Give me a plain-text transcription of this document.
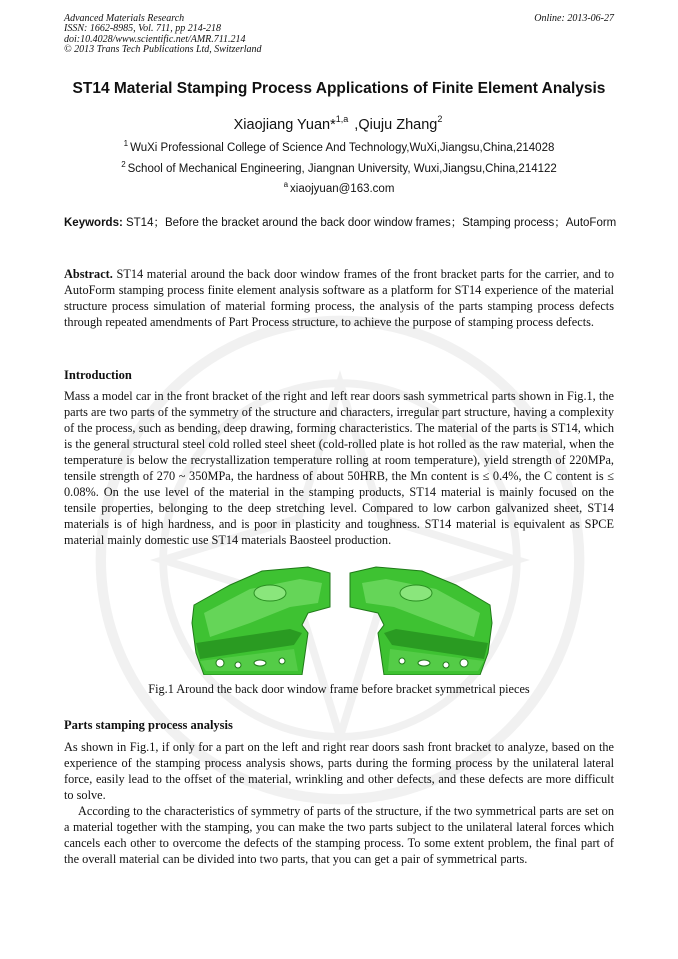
Advanced Materials Research
ISSN: 1662-8985, Vol. 711, pp 214-218
doi:10.4028/www.scientific.net/AMR.711.214
© 2013 Trans Tech Publications Ltd, Switzerland
Online: 2013-06-27
ST14 Material Stamping Process Applications of Finite Element Analysis
Xiaojiang Yuan*$^{1,a}$ ,Qiuju Zhang$^2$
$^1$ WuXi Professional College of Science And Technology,WuXi,Jiangsu,China,214028
$^2$ School of Mechanical Engineering, Jiangnan University, Wuxi,Jiangsu,China,214122
$^a$ xiaojyuan@163.com
Keywords: ST14；Before the bracket around the back door window frames；Stamping process；AutoForm

Abstract. ST14 material around the back door window frames of the front bracket parts for the carrier, and to AutoForm stamping process finite element analysis software as a platform for ST14 experience of the material structure process simulation of material forming process, the analysis of the parts stamping process defects through repeated amendments of Part Process structure, to achieve the purpose of stamping process defects.

Introduction

Mass a model car in the front bracket of the right and left rear doors sash symmetrical parts shown in Fig.1, the parts are two parts of the symmetry of the structure and characters, irregular part structure, having a complexity of the process, such as bending, deep drawing, forming characteristics. The material of the parts is ST14, which is the general structural steel cold rolled steel sheet (cold-rolled plate is hot rolled as the raw material, when the temperature is below the recrystallization temperature rolling at room temperature), yield strength of 220MPa, tensile strength of 270 ~ 350MPa, the hardness of about 50HRB, the Mn content is ≤ 0.4%, the C content is ≤ 0.08%. On the use level of the material in the stamping products, ST14 material is mainly focused on the tensile properties, belonging to the deep stretching level. Compared to low carbon galvanized sheet, ST14 materials is of high hardness, and is poor in plasticity and toughness. ST14 material is equivalent as SPCE material mainly domestic use ST14 materials Baosteel production.

Fig.1 Around the back door window frame before bracket symmetrical pieces
Parts stamping process analysis

As shown in Fig.1, if only for a part on the left and right rear doors sash front bracket to analyze, based on the experience of the stamping process analysis shows, parts during the forming process by the unilateral lateral force, easily lead to the offset of the material, wrinkling and other defects, and these defects are more difficult to solve.

According to the characteristics of symmetry of parts of the structure, if the two symmetrical parts are set on a material together with the stamping, you can make the two parts subject to the unilateral lateral forces which cancels each other to overcome the defects of the stamping process. To some extent problem, the final part of the overall material can be divided into two parts, that you can get a pair of symmetrical parts.
